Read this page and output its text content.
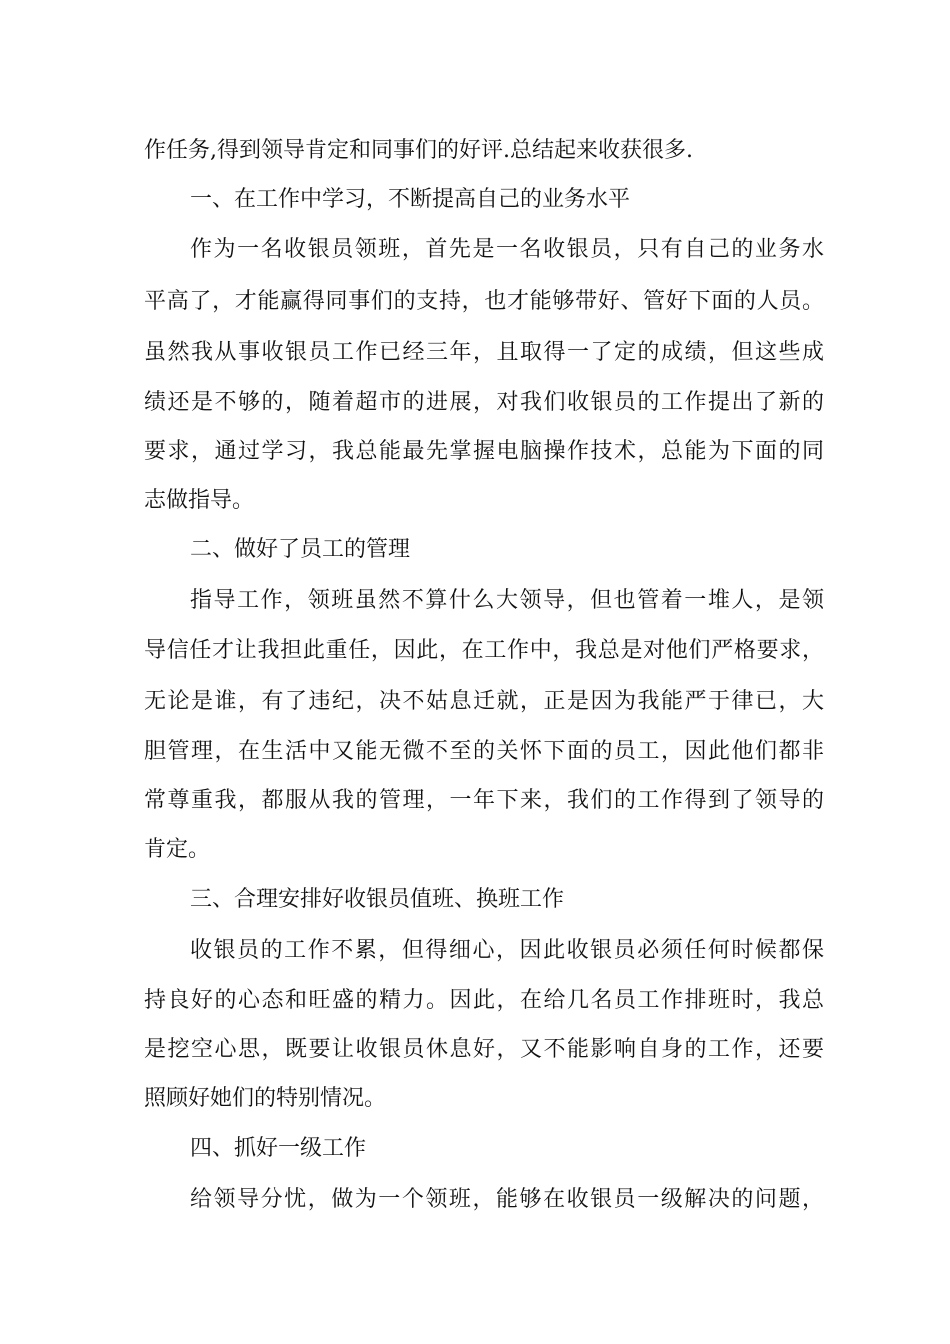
作任务,得到领导肯定和同事们的好评.总结起来收获很多.
一、在工作中学习，不断提高自己的业务水平
作为一名收银员领班，首先是一名收银员，只有自己的业务水
平高了，才能赢得同事们的支持，也才能够带好、管好下面的人员。
虽然我从事收银员工作已经三年，且取得一了定的成绩，但这些成
绩还是不够的，随着超市的进展，对我们收银员的工作提出了新的
要求，通过学习，我总能最先掌握电脑操作技术，总能为下面的同
志做指导。
二、做好了员工的管理
指导工作，领班虽然不算什么大领导，但也管着一堆人，是领
导信任才让我担此重任，因此，在工作中，我总是对他们严格要求，
无论是谁，有了违纪，决不姑息迁就，正是因为我能严于律已，大
胆管理，在生活中又能无微不至的关怀下面的员工，因此他们都非
常尊重我，都服从我的管理，一年下来，我们的工作得到了领导的
肯定。
三、合理安排好收银员值班、换班工作
收银员的工作不累，但得细心，因此收银员必须任何时候都保
持良好的心态和旺盛的精力。因此，在给几名员工作排班时，我总
是挖空心思，既要让收银员休息好，又不能影响自身的工作，还要
照顾好她们的特别情况。
四、抓好一级工作
给领导分忧，做为一个领班，能够在收银员一级解决的问题，
